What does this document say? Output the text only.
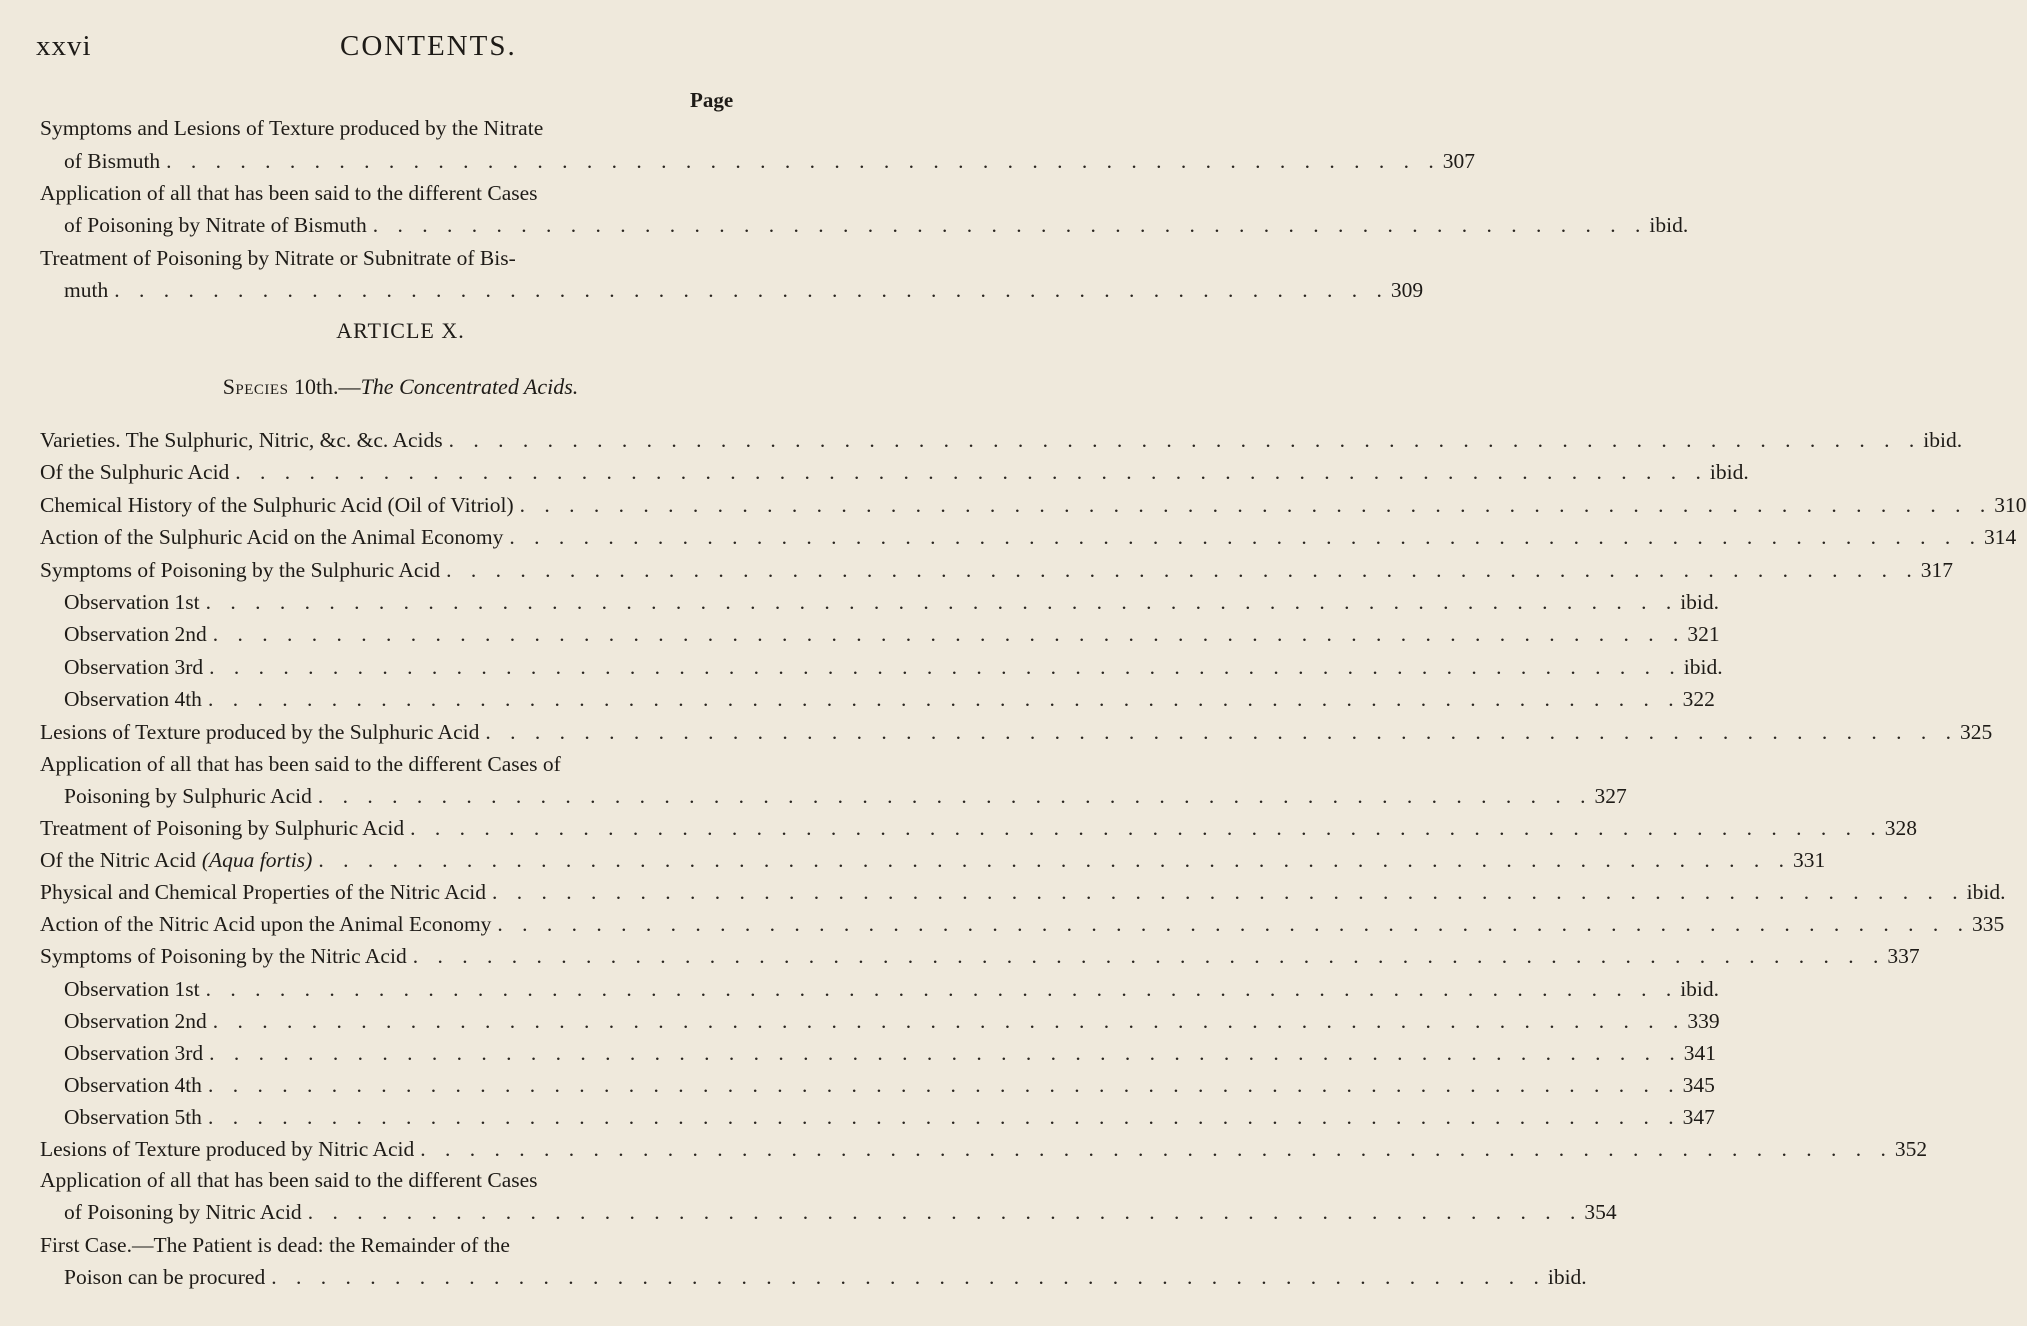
xxvi	CONTENTS.
Page
Symptoms and Lesions of Texture produced by the Nitrate
of Bismuth . . . . . . . . . . . . . . . . . . . . . . . . . . . . . . . . . . . . . . . . . . . . . . . . . . . . 307
Application of all that has been said to the different Cases
of Poisoning by Nitrate of Bismuth . . . . . . . . . . . . . . . . . . . . . . . . . . . . . . . . . . . . . . . . . . . . . . . . . . . . ibid.
Treatment of Poisoning by Nitrate or Subnitrate of Bis-
muth . . . . . . . . . . . . . . . . . . . . . . . . . . . . . . . . . . . . . . . . . . . . . . . . . . . . 309
ARTICLE X.
Species 10th.—The Concentrated Acids.
Varieties. The Sulphuric, Nitric, &c. &c. Acids . . . . . . . . . . . . . . . . . . . . . . . . . . . . . . . . . . . . . . . . . . . . . . . . . . . . . . . . . . . . ibid.
Of the Sulphuric Acid . . . . . . . . . . . . . . . . . . . . . . . . . . . . . . . . . . . . . . . . . . . . . . . . . . . . . . . . . . . . ibid.
Chemical History of the Sulphuric Acid (Oil of Vitriol) . . . . . . . . . . . . . . . . . . . . . . . . . . . . . . . . . . . . . . . . . . . . . . . . . . . . . . . . . . . . 310
Action of the Sulphuric Acid on the Animal Economy . . . . . . . . . . . . . . . . . . . . . . . . . . . . . . . . . . . . . . . . . . . . . . . . . . . . . . . . . . . . 314
Symptoms of Poisoning by the Sulphuric Acid . . . . . . . . . . . . . . . . . . . . . . . . . . . . . . . . . . . . . . . . . . . . . . . . . . . . . . . . . . . . 317
Observation 1st . . . . . . . . . . . . . . . . . . . . . . . . . . . . . . . . . . . . . . . . . . . . . . . . . . . . . . . . . . . . ibid.
Observation 2nd . . . . . . . . . . . . . . . . . . . . . . . . . . . . . . . . . . . . . . . . . . . . . . . . . . . . . . . . . . . . 321
Observation 3rd . . . . . . . . . . . . . . . . . . . . . . . . . . . . . . . . . . . . . . . . . . . . . . . . . . . . . . . . . . . . ibid.
Observation 4th . . . . . . . . . . . . . . . . . . . . . . . . . . . . . . . . . . . . . . . . . . . . . . . . . . . . . . . . . . . . 322
Lesions of Texture produced by the Sulphuric Acid . . . . . . . . . . . . . . . . . . . . . . . . . . . . . . . . . . . . . . . . . . . . . . . . . . . . . . . . . . . . 325
Application of all that has been said to the different Cases of
Poisoning by Sulphuric Acid . . . . . . . . . . . . . . . . . . . . . . . . . . . . . . . . . . . . . . . . . . . . . . . . . . . . 327
Treatment of Poisoning by Sulphuric Acid . . . . . . . . . . . . . . . . . . . . . . . . . . . . . . . . . . . . . . . . . . . . . . . . . . . . . . . . . . . . 328
Of the Nitric Acid (Aqua fortis) . . . . . . . . . . . . . . . . . . . . . . . . . . . . . . . . . . . . . . . . . . . . . . . . . . . . . . . . . . . . 331
Physical and Chemical Properties of the Nitric Acid . . . . . . . . . . . . . . . . . . . . . . . . . . . . . . . . . . . . . . . . . . . . . . . . . . . . . . . . . . . . ibid.
Action of the Nitric Acid upon the Animal Economy . . . . . . . . . . . . . . . . . . . . . . . . . . . . . . . . . . . . . . . . . . . . . . . . . . . . . . . . . . . . 335
Symptoms of Poisoning by the Nitric Acid . . . . . . . . . . . . . . . . . . . . . . . . . . . . . . . . . . . . . . . . . . . . . . . . . . . . . . . . . . . . 337
Observation 1st . . . . . . . . . . . . . . . . . . . . . . . . . . . . . . . . . . . . . . . . . . . . . . . . . . . . . . . . . . . . ibid.
Observation 2nd . . . . . . . . . . . . . . . . . . . . . . . . . . . . . . . . . . . . . . . . . . . . . . . . . . . . . . . . . . . . 339
Observation 3rd . . . . . . . . . . . . . . . . . . . . . . . . . . . . . . . . . . . . . . . . . . . . . . . . . . . . . . . . . . . . 341
Observation 4th . . . . . . . . . . . . . . . . . . . . . . . . . . . . . . . . . . . . . . . . . . . . . . . . . . . . . . . . . . . . 345
Observation 5th . . . . . . . . . . . . . . . . . . . . . . . . . . . . . . . . . . . . . . . . . . . . . . . . . . . . . . . . . . . . 347
Lesions of Texture produced by Nitric Acid . . . . . . . . . . . . . . . . . . . . . . . . . . . . . . . . . . . . . . . . . . . . . . . . . . . . . . . . . . . . 352
Application of all that has been said to the different Cases
of Poisoning by Nitric Acid . . . . . . . . . . . . . . . . . . . . . . . . . . . . . . . . . . . . . . . . . . . . . . . . . . . . 354
First Case.—The Patient is dead: the Remainder of the
Poison can be procured . . . . . . . . . . . . . . . . . . . . . . . . . . . . . . . . . . . . . . . . . . . . . . . . . . . . ibid.
